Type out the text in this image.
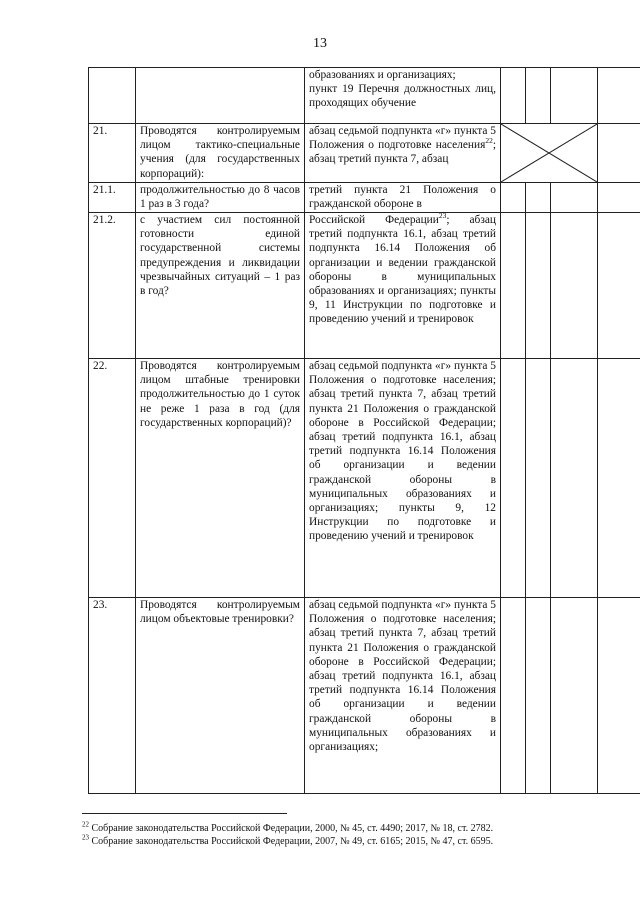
13
		образованиях и организациях;
пункт 19 Перечня должностных лиц, проходящих обучение				
21.	Проводятся контролируемым лицом тактико-специальные учения (для государственных корпораций):	абзац седьмой подпункта «г» пункта 5 Положения о подготовке населения$^{22}$; абзац третий пункта 7, абзац	

21.1.	продолжительностью до 8 часов 1 раз в 3 года?	третий пункта 21 Положения о гражданской обороне в				
21.2.	с участием сил постоянной готовности единой государственной системы предупреждения и ликвидации чрезвычайных ситуаций – 1 раз в год?	Российской Федерации$^{23}$; абзац третий подпункта 16.1, абзац третий подпункта 16.14 Положения об организации и ведении гражданской обороны в муниципальных образованиях и организациях; пункты 9, 11 Инструкции по подготовке и проведению учений и тренировок				
22.	Проводятся контролируемым лицом штабные тренировки продолжительностью до 1 суток не реже 1 раза в год (для государственных корпораций)?	абзац седьмой подпункта «г» пункта 5 Положения о подготовке населения; абзац третий пункта 7, абзац третий пункта 21 Положения о гражданской обороне в Российской Федерации; абзац третий подпункта 16.1, абзац третий подпункта 16.14 Положения об организации и ведении гражданской обороны в муниципальных образованиях и организациях; пункты 9, 12 Инструкции по подготовке и проведению учений и тренировок				
23.	Проводятся контролируемым лицом объектовые тренировки?	абзац седьмой подпункта «г» пункта 5 Положения о подготовке населения; абзац третий пункта 7, абзац третий пункта 21 Положения о гражданской обороне в Российской Федерации; абзац третий подпункта 16.1, абзац третий подпункта 16.14 Положения об организации и ведении гражданской обороны в муниципальных образованиях и организациях;				
$^{22}$ Собрание законодательства Российской Федерации, 2000, № 45, ст. 4490; 2017, № 18, ст. 2782.
$^{23}$ Собрание законодательства Российской Федерации, 2007, № 49, ст. 6165; 2015, № 47, ст. 6595.
